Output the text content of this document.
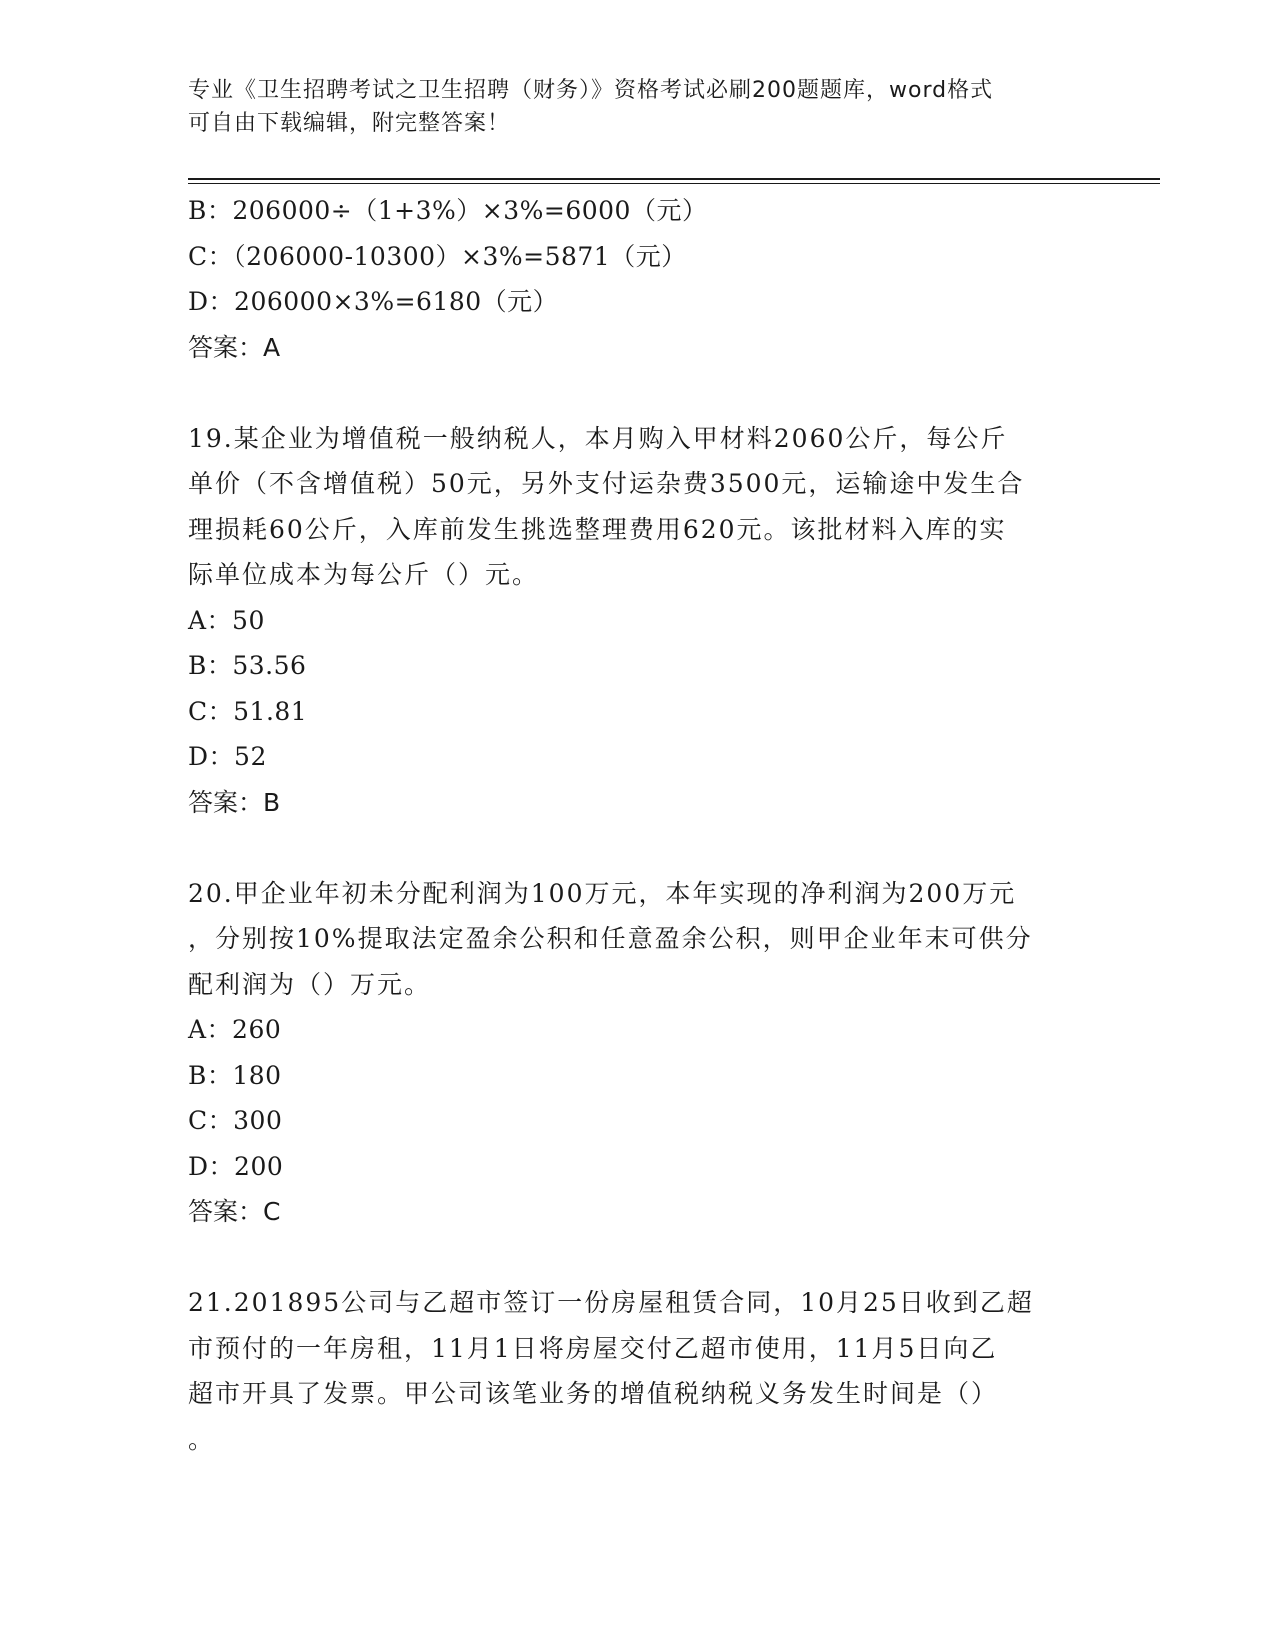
专业《卫生招聘考试之卫生招聘（财务）》资格考试必刷200题题库，word格式
可自由下载编辑，附完整答案！
B：206000÷（1+3%）×3%=6000（元）
C：（206000-10300）×3%=5871（元）
D：206000×3%=6180（元）
答案：A
19.某企业为增值税一般纳税人，本月购入甲材料2060公斤，每公斤
单价（不含增值税）50元，另外支付运杂费3500元，运输途中发生合
理损耗60公斤，入库前发生挑选整理费用620元。该批材料入库的实
际单位成本为每公斤（）元。
A：50
B：53.56
C：51.81
D：52
答案：B
20.甲企业年初未分配利润为100万元，本年实现的净利润为200万元
，分别按10%提取法定盈余公积和任意盈余公积，则甲企业年末可供分
配利润为（）万元。
A：260
B：180
C：300
D：200
答案：C
21.201895公司与乙超市签订一份房屋租赁合同，10月25日收到乙超
市预付的一年房租，11月1日将房屋交付乙超市使用，11月5日向乙
超市开具了发票。甲公司该笔业务的增值税纳税义务发生时间是（）
。
